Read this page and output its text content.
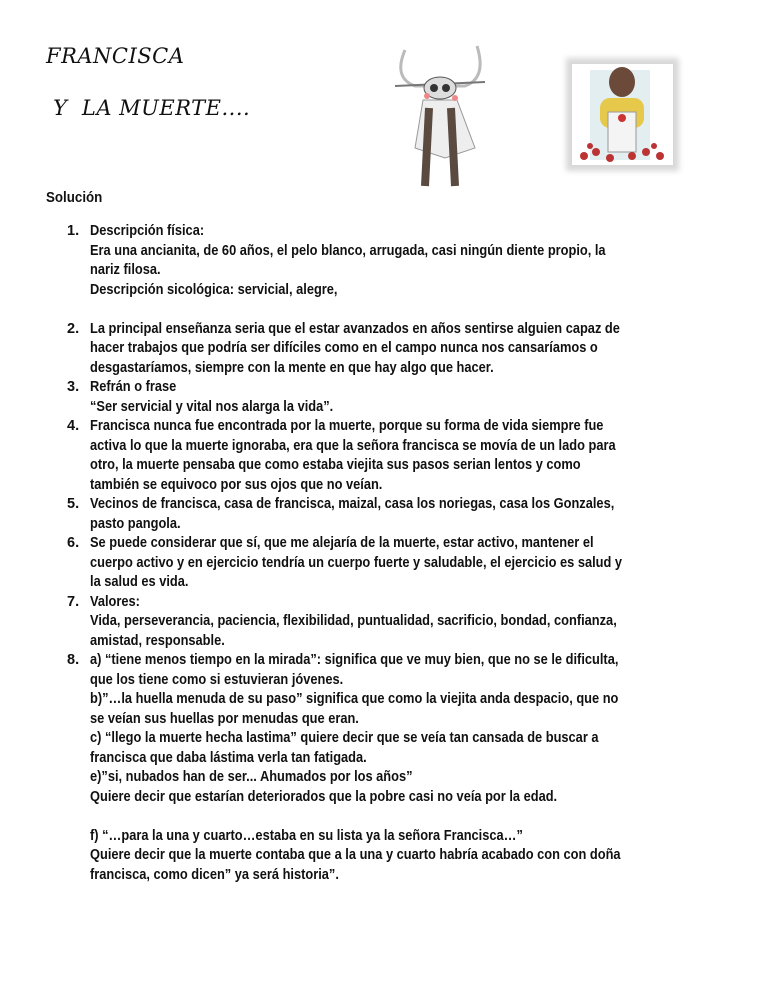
FRANCISCA
Y  LA MUERTE....
Solución
1. Descripción física:
Era una ancianita, de 60 años, el pelo blanco, arrugada, casi ningún diente propio, la
nariz filosa.
Descripción sicológica: servicial, alegre,
2. La principal enseñanza seria que el estar avanzados en años sentirse alguien capaz de
hacer trabajos que podría ser difíciles como en el campo nunca nos cansaríamos o
desgastaríamos, siempre con la mente en que hay algo que hacer.
3. Refrán o frase
“Ser servicial y vital nos alarga la vida”.
4. Francisca nunca fue encontrada por la muerte, porque su forma de vida siempre fue
activa lo que la muerte ignoraba, era que la señora francisca se movía de un lado para
otro, la muerte pensaba que como estaba viejita sus pasos serian lentos y como
también se equivoco por sus ojos que no veían.
5. Vecinos de francisca, casa de francisca, maizal, casa los noriegas, casa los Gonzales,
pasto pangola.
6. Se puede considerar que sí, que me alejaría de la muerte, estar activo, mantener el
cuerpo activo y en ejercicio tendría un cuerpo fuerte y saludable, el ejercicio es salud y
la salud es vida.
7. Valores:
Vida, perseverancia, paciencia, flexibilidad, puntualidad, sacrificio, bondad, confianza,
amistad, responsable.
8. a) “tiene menos tiempo en la mirada”: significa que ve muy bien, que no se le dificulta,
que los tiene como si estuvieran jóvenes.
b)”…la huella menuda de su paso” significa que como la viejita anda despacio, que no
se veían sus huellas por menudas que eran.
c) “llego la muerte hecha lastima” quiere decir que se veía tan cansada de buscar a
francisca que daba lástima verla tan fatigada.
e)”si, nubados han de ser... Ahumados por los años”
Quiere decir que estarían deteriorados que la pobre casi no veía por la edad.

f) “…para la una y cuarto…estaba en su lista ya la señora Francisca…”
Quiere decir que la muerte contaba que a la una y cuarto habría acabado con con doña
francisca, como dicen” ya será historia”.
